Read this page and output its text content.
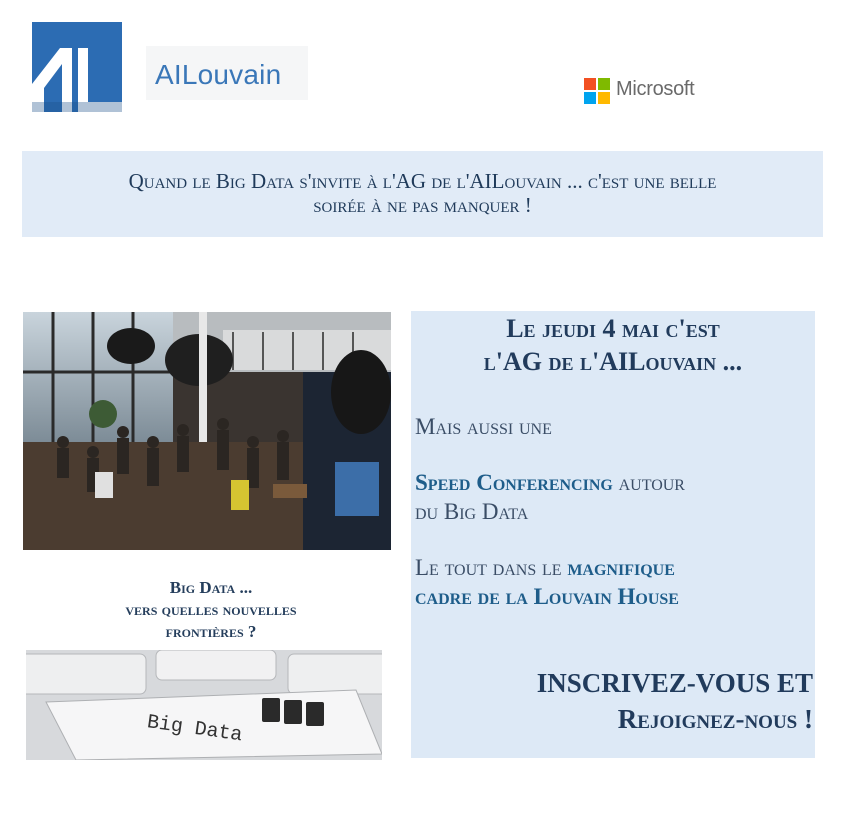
AILouvain	Microsoft
Quand le Big Data s'invite à l'AG de l'AILouvain ... c'est une belle
soirée à ne pas manquer !
Big Data ...
vers quelles nouvelles
frontières ?
Big Data
Le jeudi 4 mai c'est
l'AG de l'AILouvain ...
Mais aussi une
Speed Conferencing autour
du Big Data
Le tout dans le magnifique
cadre de la Louvain House
INSCRIVEZ-VOUS ET
Rejoignez-nous !
